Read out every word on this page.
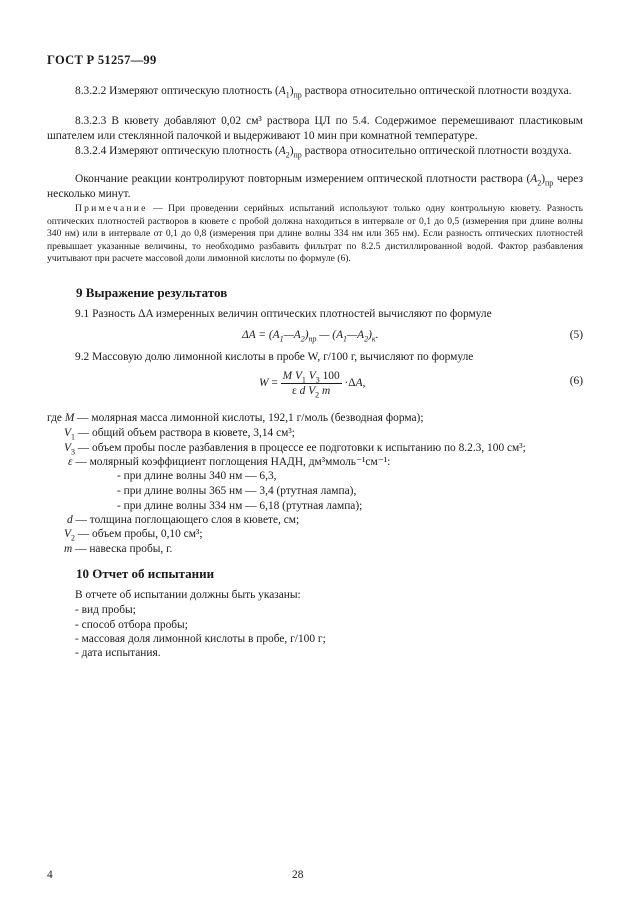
ГОСТ Р 51257—99

8.3.2.2 Измеряют оптическую плотность $(A_1)_{пр}$ раствора относительно оптической плотности воздуха.

8.3.2.3 В кювету добавляют 0,02 см³ раствора ЦЛ по 5.4. Содержимое перемешивают пластиковым шпателем или стеклянной палочкой и выдерживают 10 мин при комнатной температуре.

8.3.2.4 Измеряют оптическую плотность $(A_2)_{пр}$ раствора относительно оптической плотности воздуха.

Окончание реакции контролируют повторным измерением оптической плотности раствора $(A_2)_{пр}$ через несколько минут.

Примечание — При проведении серийных испытаний используют только одну контрольную кювету. Разность оптических плотностей растворов в кювете с пробой должна находиться в интервале от 0,1 до 0,5 (измерения при длине волны 340 нм) или в интервале от 0,1 до 0,8 (измерения при длине волны 334 нм или 365 нм). Если разность оптических плотностей превышает указанные величины, то необходимо разбавить фильтрат по 8.2.5 дистиллированной водой. Фактор разбавления учитывают при расчете массовой доли лимонной кислоты по формуле (6).

9 Выражение результатов

9.1 Разность ΔA измеренных величин оптических плотностей вычисляют по формуле

$\Delta A = (A_1—A_2)_{пр}$ — $(A_1—A_2)_к$.	(5)

9.2 Массовую долю лимонной кислоты в пробе W, г/100 г, вычисляют по формуле

$W = \frac{M V_1 V_3 100}{\varepsilon d V_2 m} \cdot\Delta A$,	(6)
где M — молярная масса лимонной кислоты, 192,1 г/моль (безводная форма);
$V_1$ — общий объем раствора в кювете, 3,14 см³;
$V_3$ — объем пробы после разбавления в процессе ее подготовки к испытанию по 8.2.3, 100 см³;
ε — молярный коэффициент поглощения НАДН, дм³ммоль⁻¹см⁻¹:
- при длине волны 340 нм — 6,3,
- при длине волны 365 нм — 3,4 (ртутная лампа),
- при длине волны 334 нм — 6,18 (ртутная лампа);
d — толщина поглощающего слоя в кювете, см;
$V_2$ — объем пробы, 0,10 см³;
m — навеска пробы, г.
10 Отчет об испытании
В отчете об испытании должны быть указаны:
- вид пробы;
- способ отбора пробы;
- массовая доля лимонной кислоты в пробе, г/100 г;
- дата испытания.
4	28
